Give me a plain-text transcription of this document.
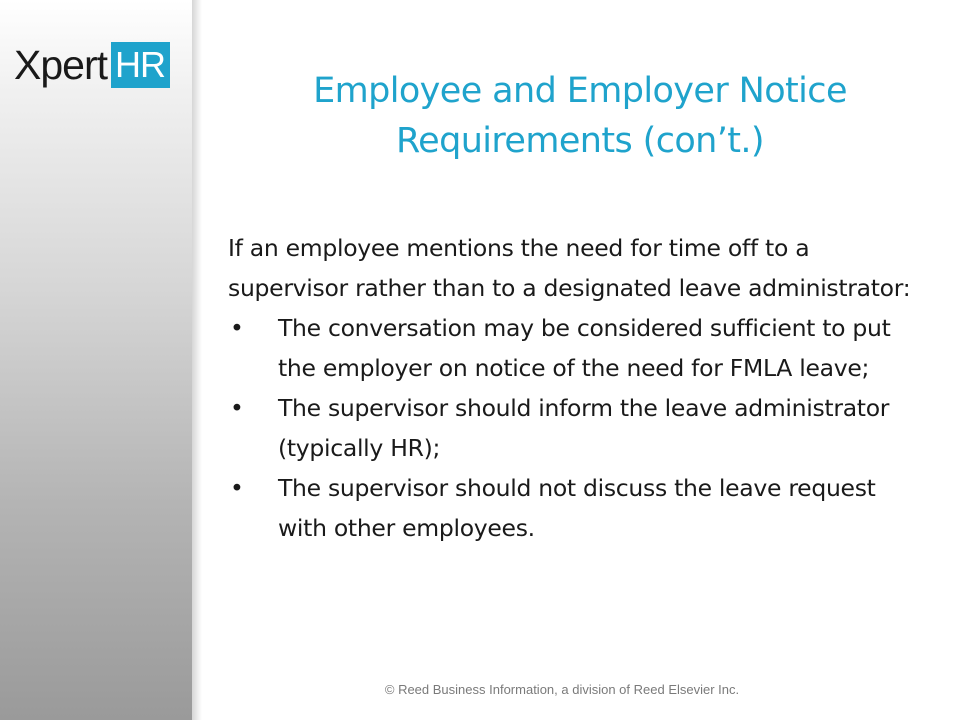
Xpert HR
Employee and Employer Notice
Requirements (con’t.)

If an employee mentions the need for time off to a supervisor rather than to a designated leave administrator:

•	The conversation may be considered sufficient to put the employer on notice of the need for FMLA leave;
•	The supervisor should inform the leave administrator (typically HR);
•	The supervisor should not discuss the leave request with other employees.
© Reed Business Information, a division of Reed Elsevier Inc.
